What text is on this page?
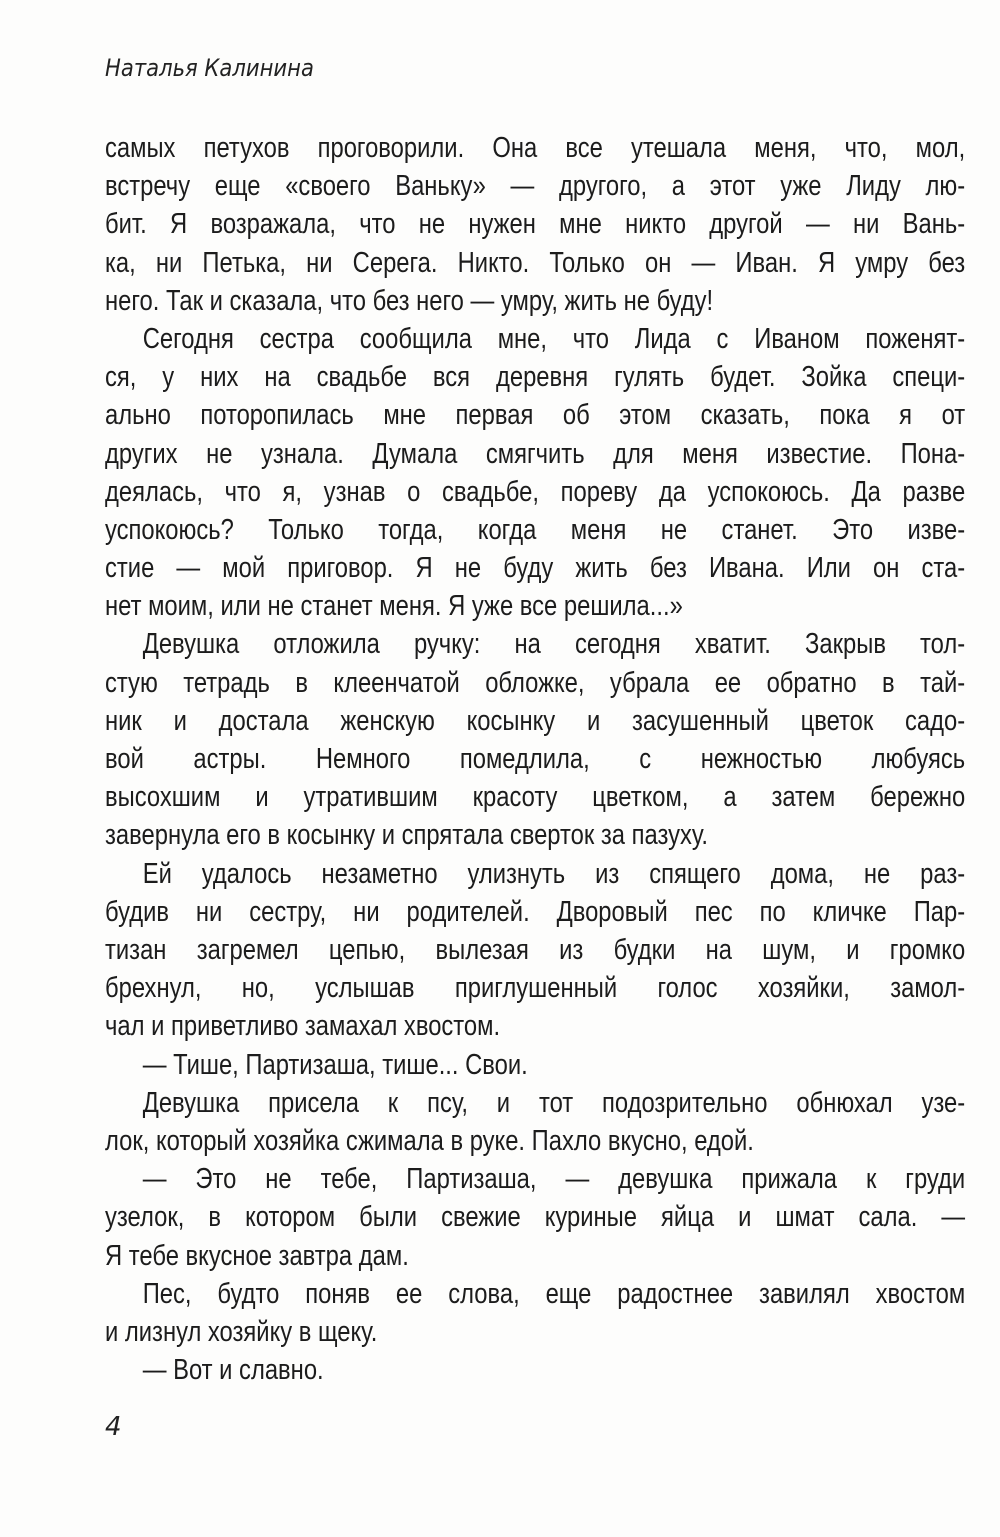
Наталья Калинина
самых петухов проговорили. Она все утешала меня, что, мол,
встречу еще «своего Ваньку» — другого, а этот уже Лиду лю-
бит. Я возражала, что не нужен мне никто другой — ни Вань-
ка, ни Петька, ни Серега. Никто. Только он — Иван. Я умру без
него. Так и сказала, что без него — умру, жить не буду!
Сегодня сестра сообщила мне, что Лида с Иваном поженят-
ся, у них на свадьбе вся деревня гулять будет. Зойка специ-
ально поторопилась мне первая об этом сказать, пока я от
других не узнала. Думала смягчить для меня известие. Пона-
деялась, что я, узнав о свадьбе, пореву да успокоюсь. Да разве
успокоюсь? Только тогда, когда меня не станет. Это изве-
стие — мой приговор. Я не буду жить без Ивана. Или он ста-
нет моим, или не станет меня. Я уже все решила...»
Девушка отложила ручку: на сегодня хватит. Закрыв тол-
стую тетрадь в клеенчатой обложке, убрала ее обратно в тай-
ник и достала женскую косынку и засушенный цветок садо-
вой астры. Немного помедлила, с нежностью любуясь
высохшим и утратившим красоту цветком, а затем бережно
завернула его в косынку и спрятала сверток за пазуху.
Ей удалось незаметно улизнуть из спящего дома, не раз-
будив ни сестру, ни родителей. Дворовый пес по кличке Пар-
тизан загремел цепью, вылезая из будки на шум, и громко
брехнул, но, услышав приглушенный голос хозяйки, замол-
чал и приветливо замахал хвостом.
— Тише, Партизаша, тише... Свои.
Девушка присела к псу, и тот подозрительно обнюхал узе-
лок, который хозяйка сжимала в руке. Пахло вкусно, едой.
— Это не тебе, Партизаша, — девушка прижала к груди
узелок, в котором были свежие куриные яйца и шмат сала. —
Я тебе вкусное завтра дам.
Пес, будто поняв ее слова, еще радостнее завилял хвостом
и лизнул хозяйку в щеку.
— Вот и славно.
4
